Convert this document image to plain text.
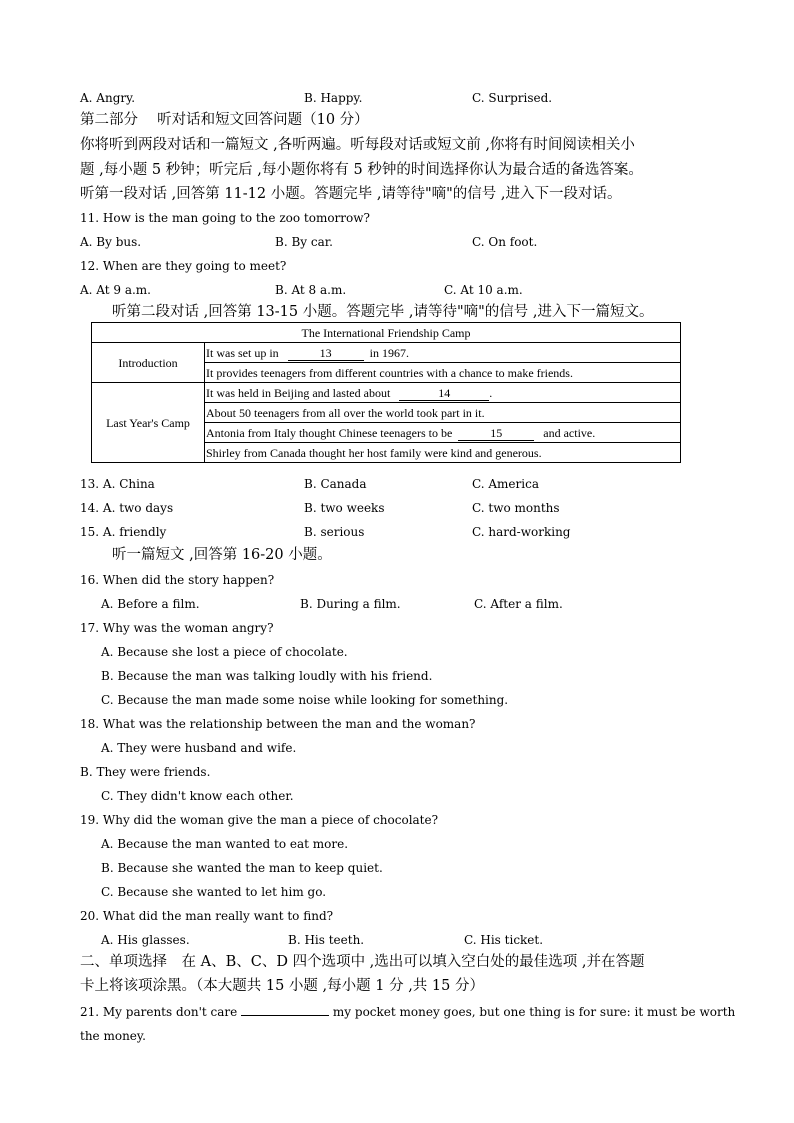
A. Angry.	B. Happy.	C. Surprised.
第二部分　 听对话和短文回答问题（10 分）
你将听到两段对话和一篇短文 ,各听两遍。听每段对话或短文前 ,你将有时间阅读相关小
题 ,每小题 5 秒钟；听完后 ,每小题你将有 5 秒钟的时间选择你认为最合适的备选答案。
听第一段对话 ,回答第 11-12 小题。答题完毕 ,请等待"嘀"的信号 ,进入下一段对话。
11. How is the man going to the zoo tomorrow?
A. By bus.	B. By car.	C. On foot.
12. When are they going to meet?
A. At 9 a.m.	B. At 8 a.m.	C. At 10 a.m.
听第二段对话 ,回答第 13-15 小题。答题完毕 ,请等待"嘀"的信号 ,进入下一篇短文。
The International Friendship Camp	
Introduction	It was set up in 13 in 1967.
	It provides teenagers from different countries with a chance to make friends.
Last Year's Camp	It was held in Beijing and lasted about 14 .
	About 50 teenagers from all over the world took part in it.
	Antonia from Italy thought Chinese teenagers to be 15 and active.
	Shirley from Canada thought her host family were kind and generous.
13. A. China	B. Canada	C. America
14. A. two days	B. two weeks	C. two months
15. A. friendly	B. serious	C. hard-working
听一篇短文 ,回答第 16-20 小题。
16. When did the story happen?
A. Before a film.	B. During a film.	C. After a film.
17. Why was the woman angry?
A. Because she lost a piece of chocolate.
B. Because the man was talking loudly with his friend.
C. Because the man made some noise while looking for something.
18. What was the relationship between the man and the woman?
A. They were husband and wife.
B. They were friends.
C. They didn't know each other.
19. Why did the woman give the man a piece of chocolate?
A. Because the man wanted to eat more.
B. Because she wanted the man to keep quiet.
C. Because she wanted to let him go.
20. What did the man really want to find?
A. His glasses.	B. His teeth.	C. His ticket.
二、单项选择　在 A、B、C、D 四个选项中 ,选出可以填入空白处的最佳选项 ,并在答题
卡上将该项涂黑。（本大题共 15 小题 ,每小题 1 分 ,共 15 分）
21. My parents don't care	my pocket money goes, but one thing is for sure: it must be worth
the money.
